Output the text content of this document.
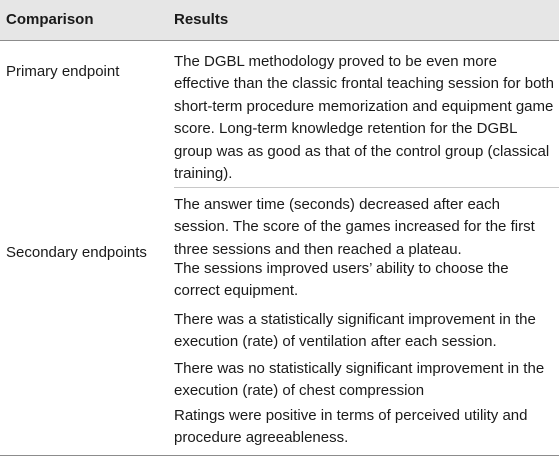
Comparison	Results
Primary endpoint
The DGBL methodology proved to be even more effective than the classic frontal teaching session for both short-term procedure memorization and equipment game score. Long-term knowledge retention for the DGBL group was as good as that of the control group (classical training).
Secondary endpoints
The answer time (seconds) decreased after each session. The score of the games increased for the first three sessions and then reached a plateau.
The sessions improved users’ ability to choose the correct equipment.
There was a statistically significant improvement in the execution (rate) of ventilation after each session.
There was no statistically significant improvement in the execution (rate) of chest compression
Ratings were positive in terms of perceived utility and procedure agreeableness.
